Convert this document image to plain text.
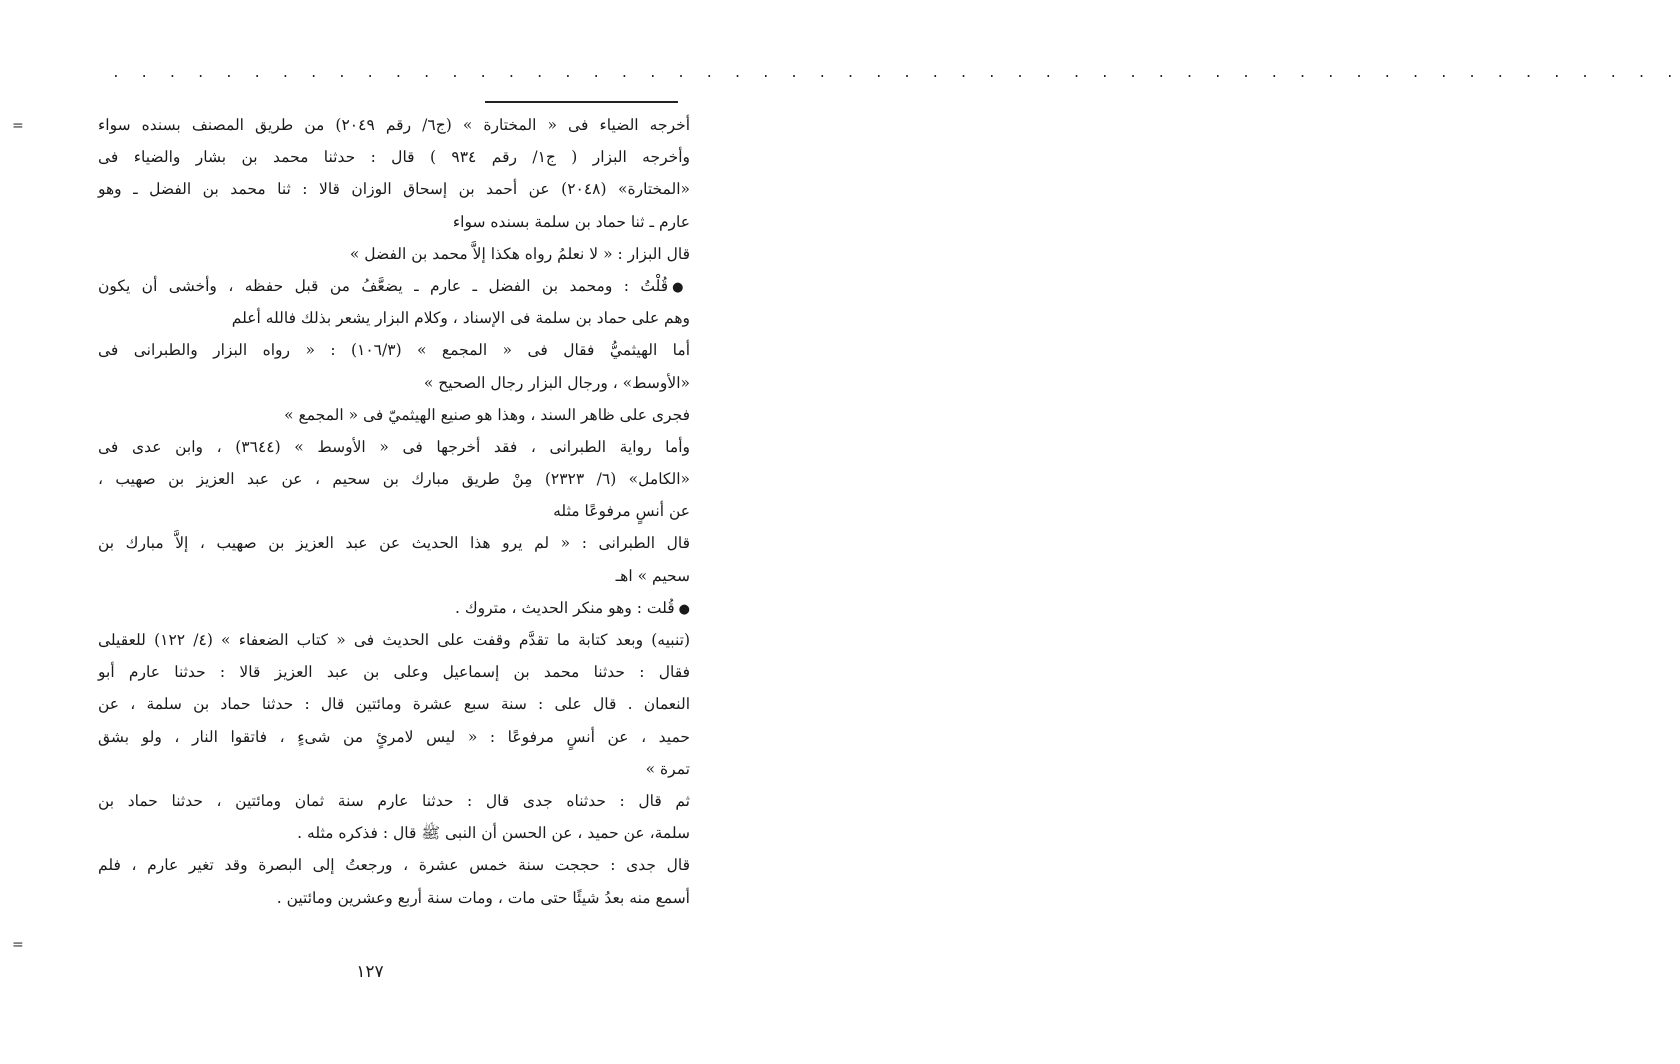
. . . . . . . . . . . . . . . . . . . . . . . . . . . . . . . . . . . . . . . . . . . . . . . . . . . . . . . .
=
=
أخرجه الضياء فى « المختارة » (ج٦/ رقم ٢٠٤٩) من طريق المصنف بسنده سواء
وأخرجه البزار ( ج١/ رقم ٩٣٤ ) قال : حدثنا محمد بن بشار والضياء فى
«المختارة» (٢٠٤٨) عن أحمد بن إسحاق الوزان قالا : ثنا محمد بن الفضل ـ وهو
عارم ـ ثنا حماد بن سلمة بسنده سواء
قال البزار : « لا نعلمُ رواه هكذا إلاَّ محمد بن الفضل »
●قُلْتُ : ومحمد بن الفضل ـ عارم ـ يضعَّفُ من قبل حفظه ، وأخشى أن يكون
وهم على حماد بن سلمة فى الإسناد ، وكلام البزار يشعر بذلك فالله أعلم
أما الهيثميُّ فقال فى « المجمع » (١٠٦/٣) : « رواه البزار والطبرانى فى
«الأوسط» ، ورجال البزار رجال الصحيح »
فجرى على ظاهر السند ، وهذا هو صنيع الهيثميّ فى « المجمع »
وأما رواية الطبرانى ، فقد أخرجها فى « الأوسط » (٣٦٤٤) ، وابن عدى فى
«الكامل» (٦/ ٢٣٢٣) مِنْ طريق مبارك بن سحيم ، عن عبد العزيز بن صهيب ،
عن أنسٍ مرفوعًا مثله
قال الطبرانى : « لم يرو هذا الحديث عن عبد العزيز بن صهيب ، إلاَّ مبارك بن
سحيم » اهـ
●قُلت : وهو منكر الحديث ، متروك .
(تنبيه) وبعد كتابة ما تقدَّم وقفت على الحديث فى « كتاب الضعفاء » (٤/ ١٢٢) للعقيلى
فقال : حدثنا محمد بن إسماعيل وعلى بن عبد العزيز قالا : حدثنا عارم أبو
النعمان . قال على : سنة سبع عشرة ومائتين قال : حدثنا حماد بن سلمة ، عن
حميد ، عن أنسٍ مرفوعًا : « ليس لامرئٍ من شىءٍ ، فاتقوا النار ، ولو بشق
تمرة »
ثم قال : حدثناه جدى قال : حدثنا عارم سنة ثمان ومائتين ، حدثنا حماد بن
سلمة، عن حميد ، عن الحسن أن النبى ﷺ قال : فذكره مثله .
قال جدى : حججت سنة خمس عشرة ، ورجعتُ إلى البصرة وقد تغير عارم ، فلم
أسمع منه بعدُ شيئًا حتى مات ، ومات سنة أربع وعشرين ومائتين .
١٢٧
